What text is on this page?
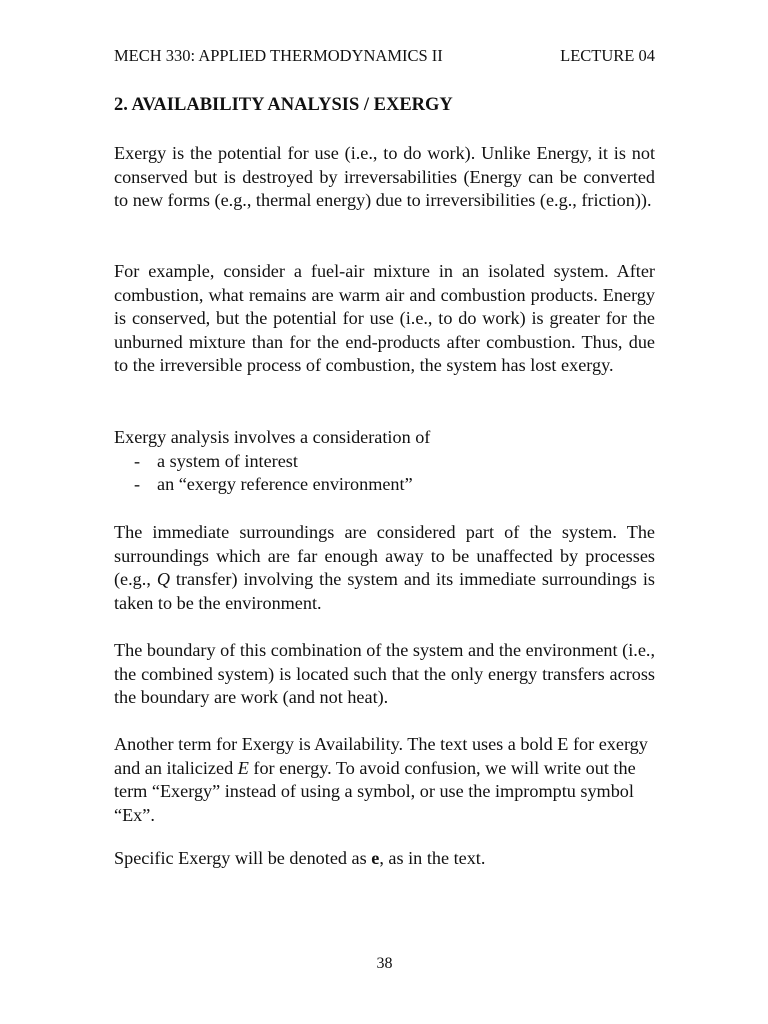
MECH 330: APPLIED THERMODYNAMICS II	LECTURE 04
2. AVAILABILITY ANALYSIS / EXERGY

Exergy is the potential for use (i.e., to do work). Unlike Energy, it is not conserved but is destroyed by irreversabilities (Energy can be converted to new forms (e.g., thermal energy) due to irreversibilities (e.g., friction)).

For example, consider a fuel-air mixture in an isolated system. After combustion, what remains are warm air and combustion products. Energy is conserved, but the potential for use (i.e., to do work) is greater for the unburned mixture than for the end-products after combustion. Thus, due to the irreversible process of combustion, the system has lost exergy.

Exergy analysis involves a consideration of
- a system of interest
- an “exergy reference environment”

The immediate surroundings are considered part of the system. The surroundings which are far enough away to be unaffected by processes (e.g., Q transfer) involving the system and its immediate surroundings is taken to be the environment.

The boundary of this combination of the system and the environment (i.e., the combined system) is located such that the only energy transfers across the boundary are work (and not heat).

Another term for Exergy is Availability. The text uses a bold E for exergy and an italicized E for energy. To avoid confusion, we will write out the term “Exergy” instead of using a symbol, or use the impromptu symbol “Ex”.

Specific Exergy will be denoted as e, as in the text.

38
